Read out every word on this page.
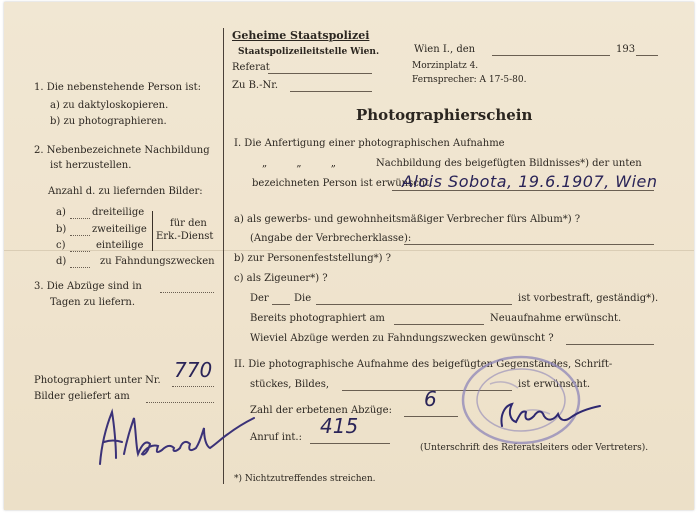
1. Die nebenstehende Person ist:
a) zu daktyloskopieren.
b) zu photographieren.
2. Nebenbezeichnete Nachbildung
ist herzustellen.
Anzahl d. zu liefernden Bilder:
a)	dreiteilige
b)	zweiteilige
c)	einteilige
d)	zu Fahndungszwecken
für den
Erk.-Dienst
3. Die Abzüge sind in
Tagen zu liefern.
Photographiert unter Nr. 770
Bilder geliefert am
Geheime Staatspolizei
Staatspolizeileitstelle Wien.
Referat
Zu B.-Nr.
Wien I., den	193
Morzinplatz 4.
Fernsprecher: A 17-5-80.
Photographierschein
I. Die Anfertigung einer photographischen Aufnahme
„ „ „	Nachbildung des beigefügten Bildnisses*) der unten
bezeichneten Person ist erwünscht:
Alois Sobota, 19.6.1907, Wien
a) als gewerbs- und gewohnheitsmäßiger Verbrecher fürs Album*) ?
(Angabe der Verbrecherklasse):
b) zur Personenfeststellung*) ?
c) als Zigeuner*) ?
Der	Die	ist vorbestraft, geständig*).
Bereits photographiert am	Neuaufnahme erwünscht.
Wieviel Abzüge werden zu Fahndungszwecken gewünscht ?
II. Die photographische Aufnahme des beigefügten Gegenstandes, Schrift-
stückes, Bildes,	ist erwünscht.
Zahl der erbetenen Abzüge: 6
Anruf int.: 415
(Unterschrift des Referatsleiters oder Vertreters).
*) Nichtzutreffendes streichen.
